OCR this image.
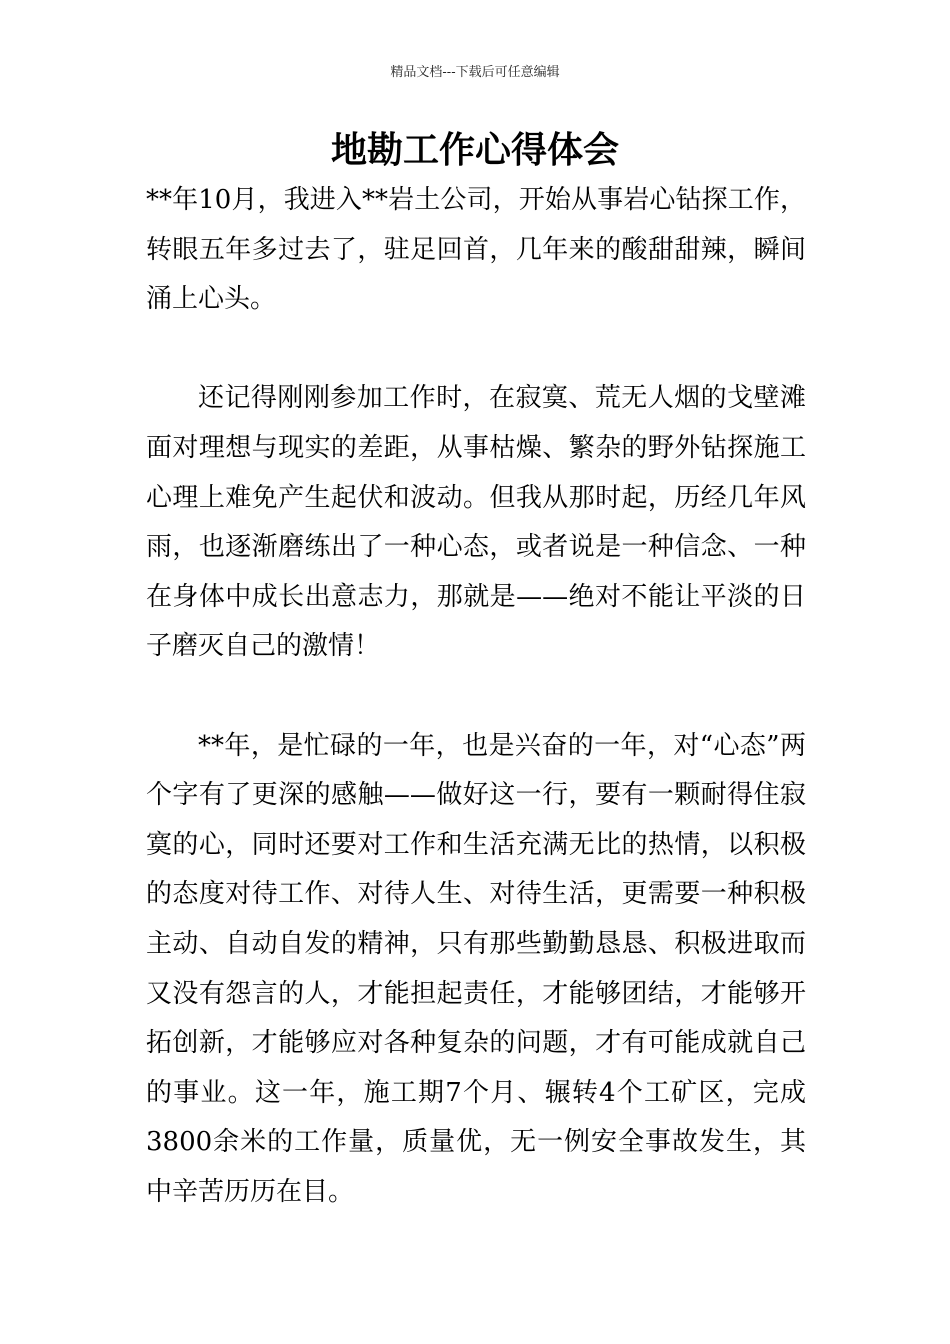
精品文档---下载后可任意编辑
地勘工作心得体会

**年10月，我进入**岩土公司，开始从事岩心钻探工作，转眼五年多过去了，驻足回首，几年来的酸甜甜辣，瞬间涌上心头。

还记得刚刚参加工作时，在寂寞、荒无人烟的戈壁滩面对理想与现实的差距，从事枯燥、繁杂的野外钻探施工心理上难免产生起伏和波动。但我从那时起，历经几年风雨，也逐渐磨练出了一种心态，或者说是一种信念、一种在身体中成长出意志力，那就是——绝对不能让平淡的日子磨灭自己的激情！

**年，是忙碌的一年，也是兴奋的一年，对“心态”两个字有了更深的感触——做好这一行，要有一颗耐得住寂寞的心，同时还要对工作和生活充满无比的热情，以积极的态度对待工作、对待人生、对待生活，更需要一种积极主动、自动自发的精神，只有那些勤勤恳恳、积极进取而又没有怨言的人，才能担起责任，才能够团结，才能够开拓创新，才能够应对各种复杂的问题，才有可能成就自己的事业。这一年，施工期7个月、辗转4个工矿区，完成3800余米的工作量，质量优，无一例安全事故发生，其中辛苦历历在目。
